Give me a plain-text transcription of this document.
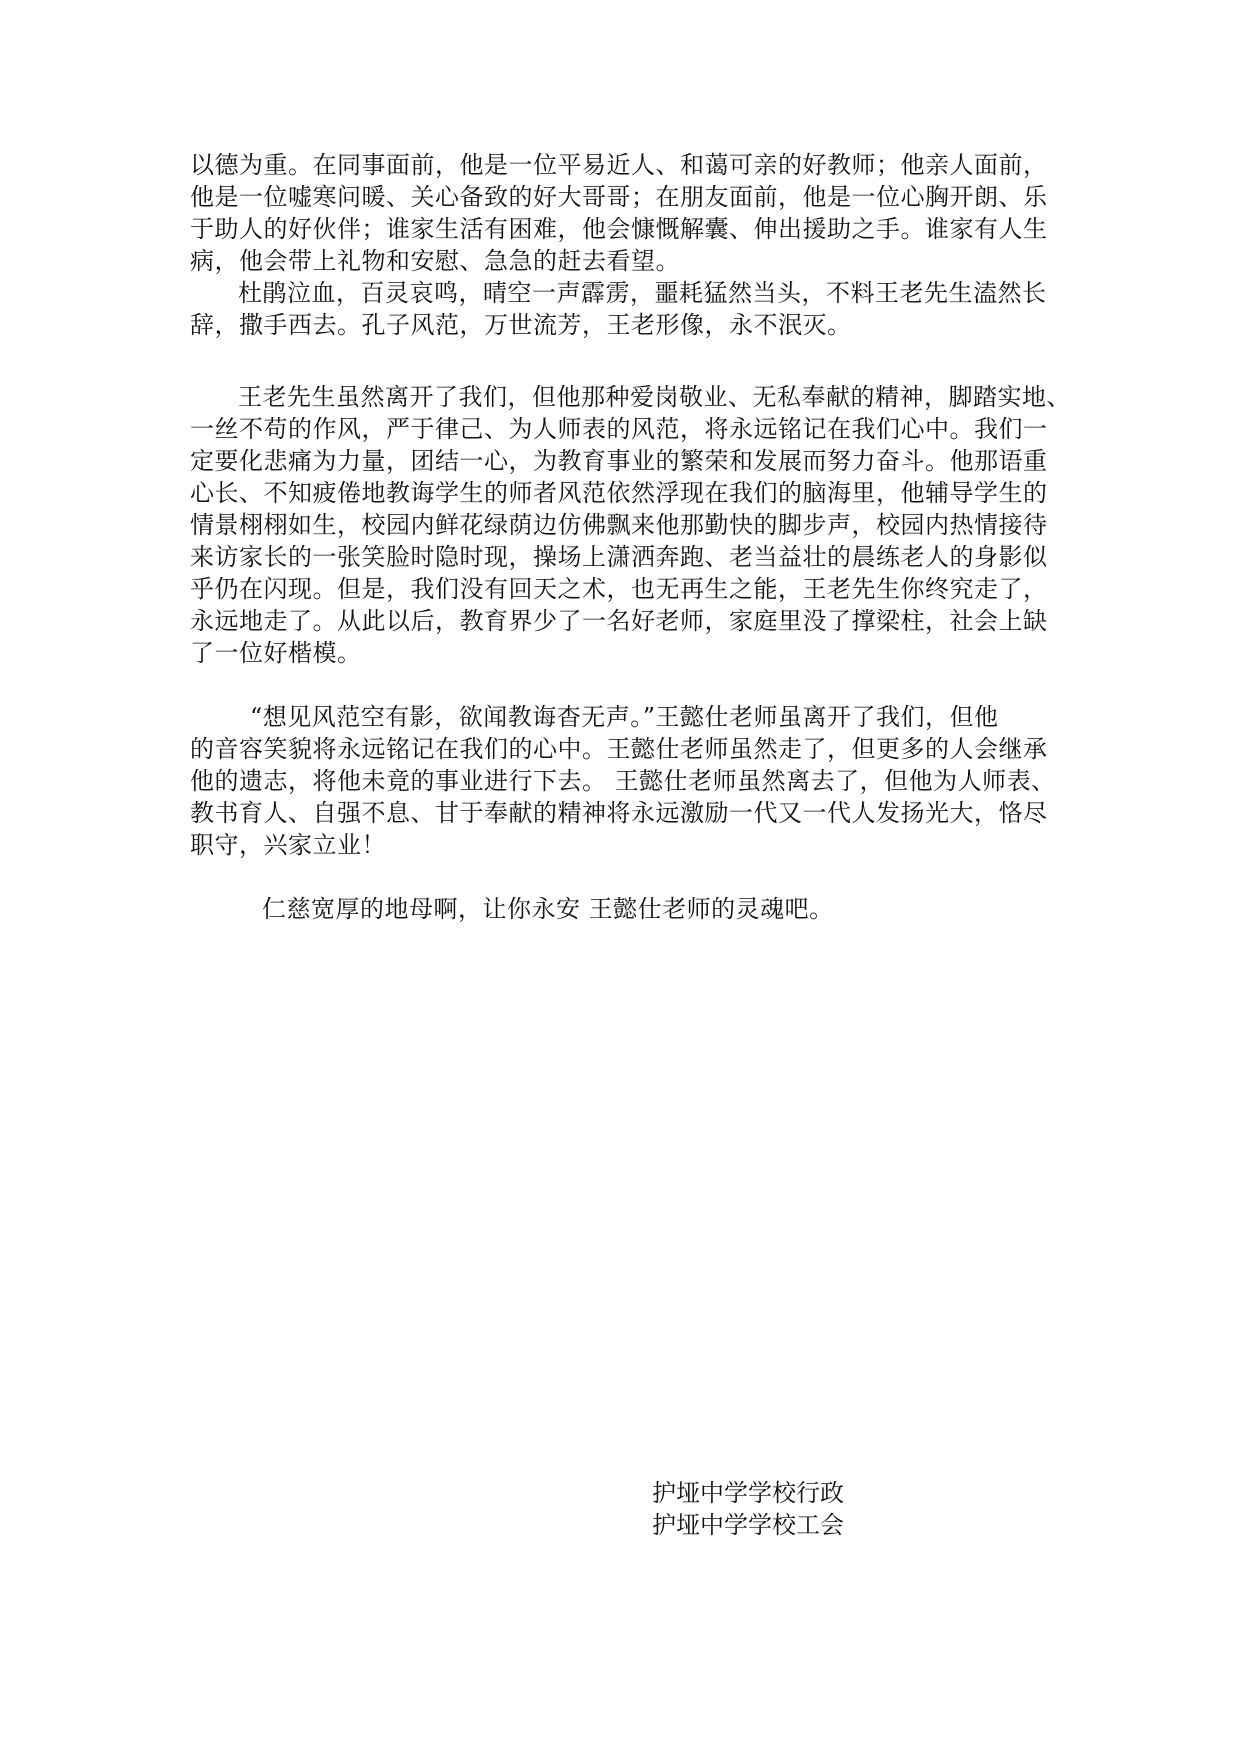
以德为重。在同事面前，他是一位平易近人、和蔼可亲的好教师；他亲人面前，
他是一位嘘寒问暖、关心备致的好大哥哥；在朋友面前，他是一位心胸开朗、乐
于助人的好伙伴；谁家生活有困难，他会慷慨解囊、伸出援助之手。谁家有人生
病，他会带上礼物和安慰、急急的赶去看望。
杜鹃泣血，百灵哀鸣，晴空一声霹雳，噩耗猛然当头，不料王老先生溘然长
辞，撒手西去。孔子风范，万世流芳，王老形像，永不泯灭。
王老先生虽然离开了我们，但他那种爱岗敬业、无私奉献的精神，脚踏实地、
一丝不苟的作风，严于律己、为人师表的风范，将永远铭记在我们心中。我们一
定要化悲痛为力量，团结一心，为教育事业的繁荣和发展而努力奋斗。他那语重
心长、不知疲倦地教诲学生的师者风范依然浮现在我们的脑海里，他辅导学生的
情景栩栩如生，校园内鲜花绿荫边仿佛飘来他那勤快的脚步声，校园内热情接待
来访家长的一张笑脸时隐时现，操场上潇洒奔跑、老当益壮的晨练老人的身影似
乎仍在闪现。但是，我们没有回天之术，也无再生之能，王老先生你终究走了，
永远地走了。从此以后，教育界少了一名好老师，家庭里没了撑梁柱，社会上缺
了一位好楷模。
“想见风范空有影，欲闻教诲杳无声。”王懿仕老师虽离开了我们，但他
的音容笑貌将永远铭记在我们的心中。王懿仕老师虽然走了，但更多的人会继承
他的遗志，将他未竟的事业进行下去。 王懿仕老师虽然离去了，但他为人师表、
教书育人、自强不息、甘于奉献的精神将永远激励一代又一代人发扬光大，恪尽
职守，兴家立业！
仁慈宽厚的地母啊，让你永安 王懿仕老师的灵魂吧。
护垭中学学校行政
护垭中学学校工会
